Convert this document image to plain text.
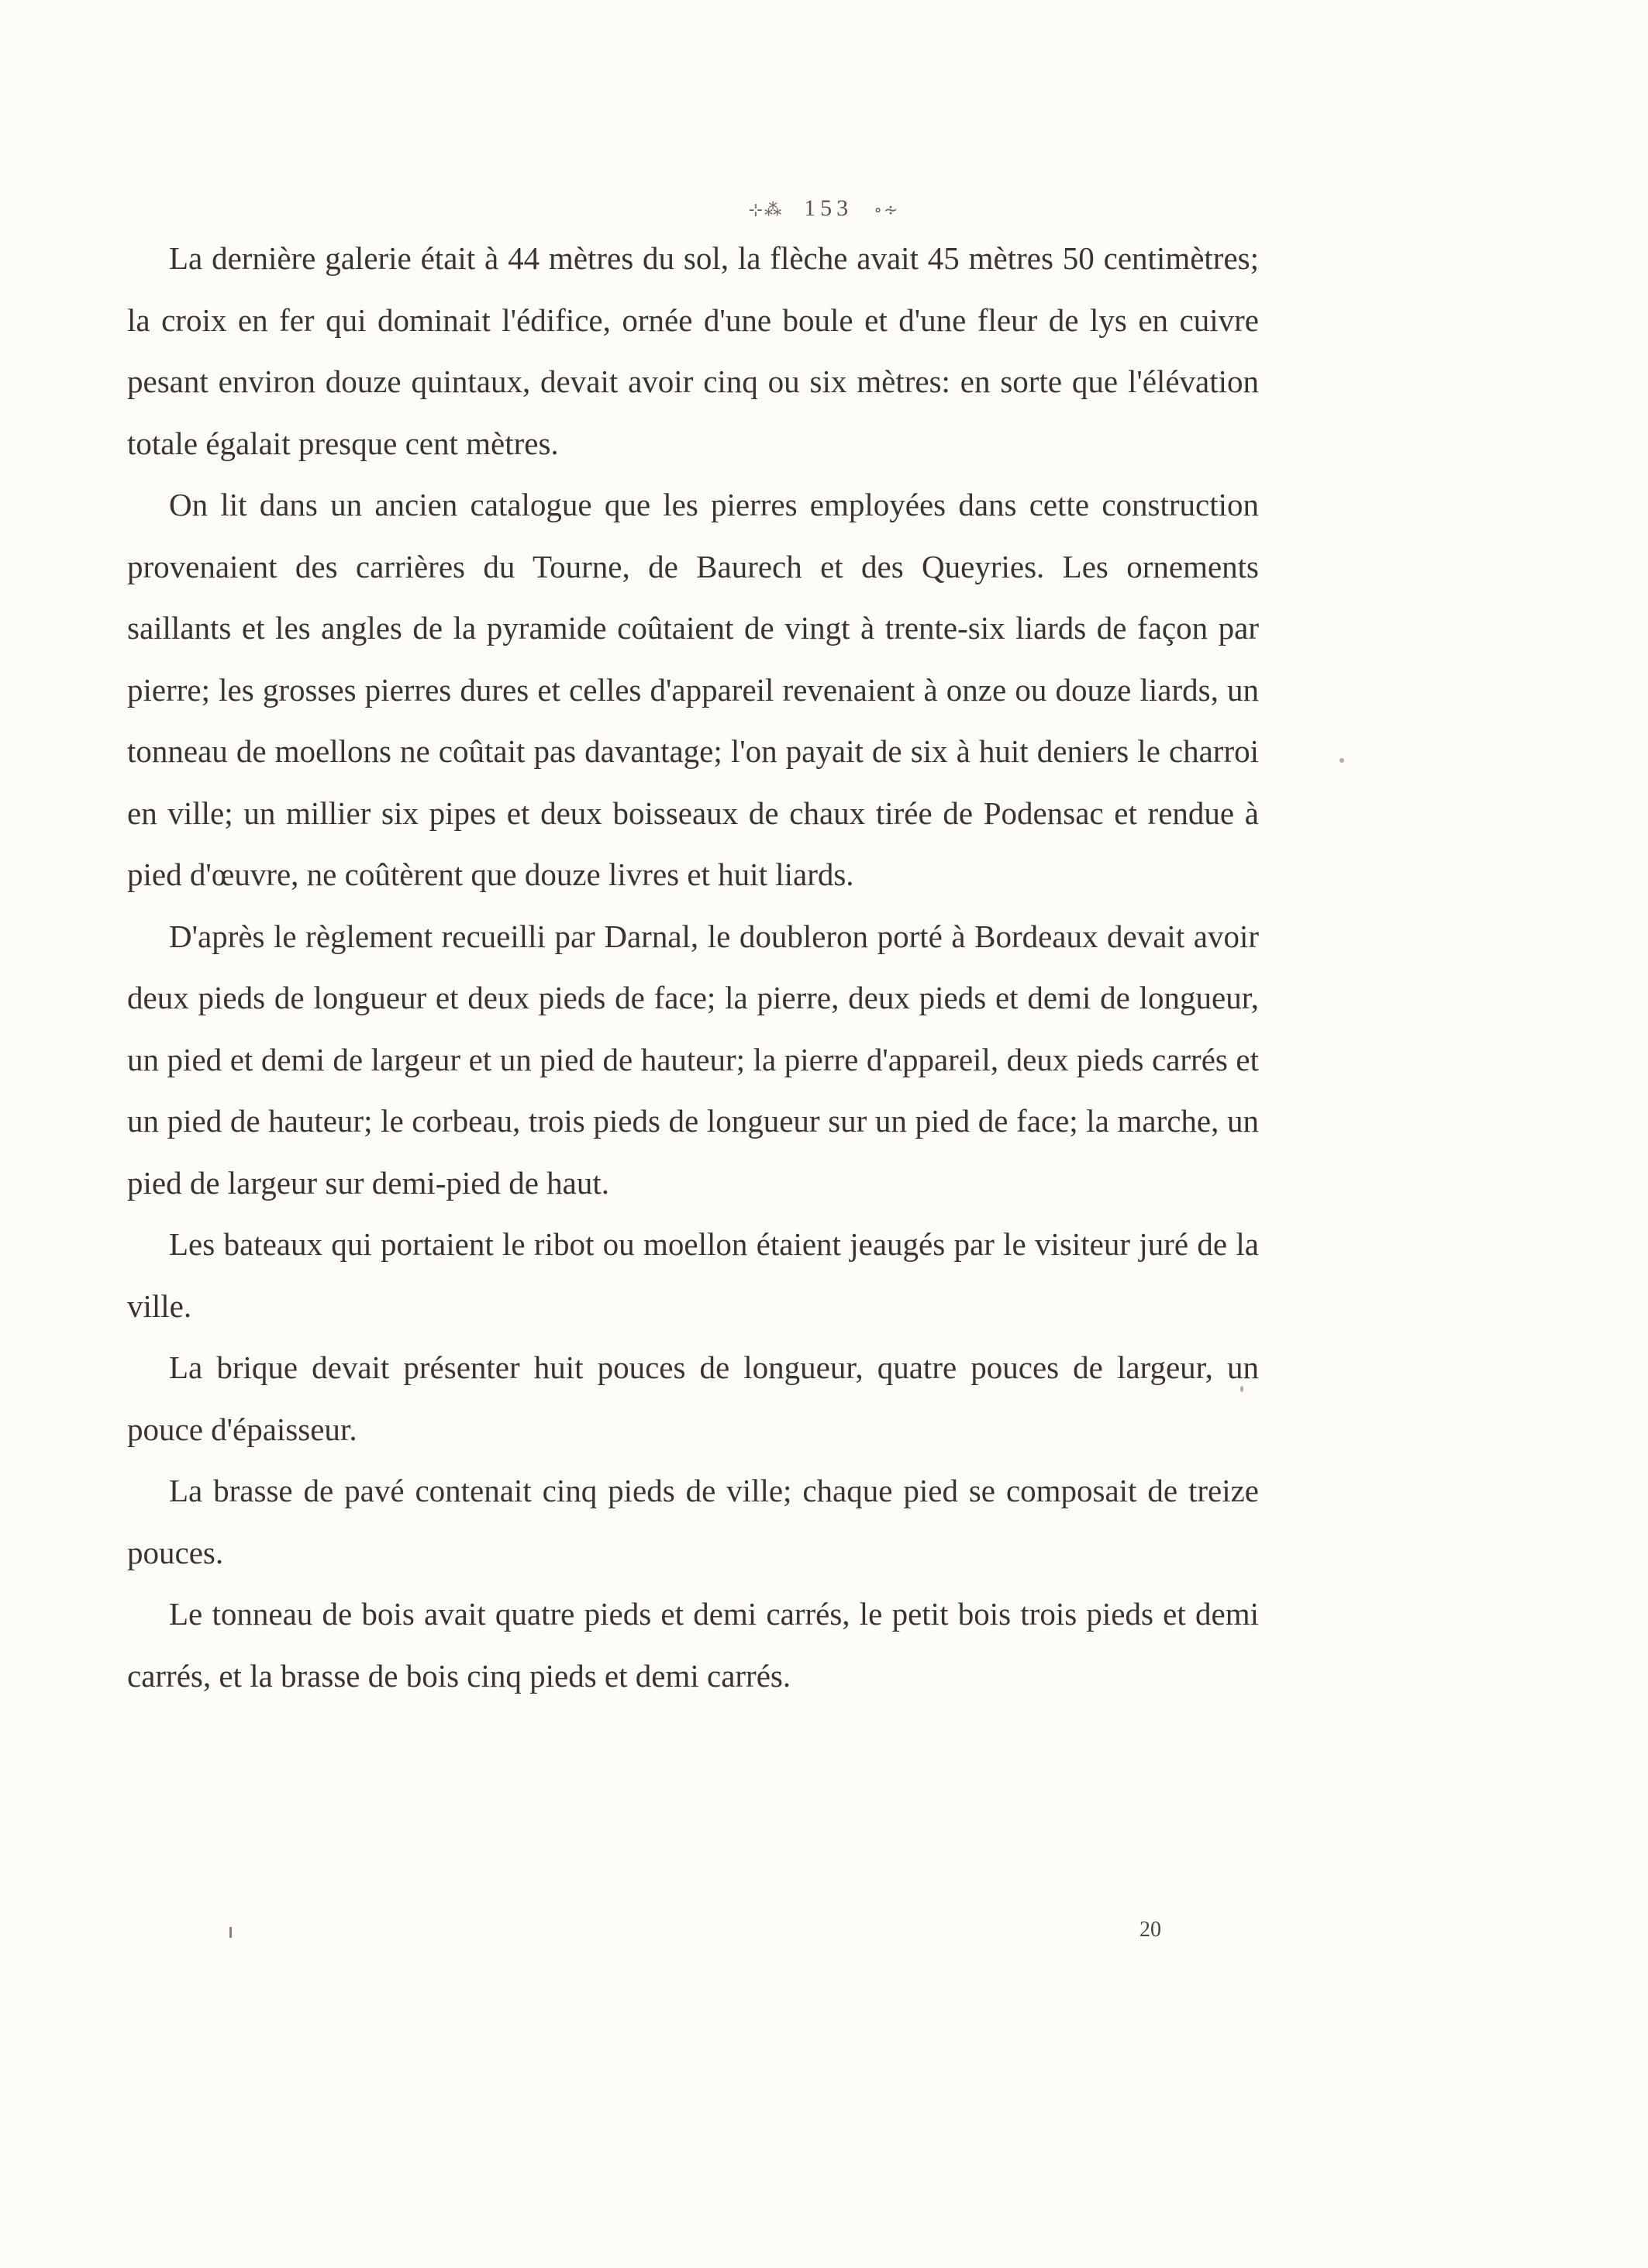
⊹⁂ 153 ∘∻

La dernière galerie était à 44 mètres du sol, la flèche avait 45 mètres 50 centimètres; la croix en fer qui dominait l'édifice, ornée d'une boule et d'une fleur de lys en cuivre pesant environ douze quintaux, devait avoir cinq ou six mètres: en sorte que l'élévation totale égalait presque cent mètres.

On lit dans un ancien catalogue que les pierres employées dans cette construction provenaient des carrières du Tourne, de Baurech et des Queyries. Les ornements saillants et les angles de la pyramide coûtaient de vingt à trente-six liards de façon par pierre; les grosses pierres dures et celles d'appareil revenaient à onze ou douze liards, un tonneau de moellons ne coûtait pas davantage; l'on payait de six à huit deniers le charroi en ville; un millier six pipes et deux boisseaux de chaux tirée de Podensac et rendue à pied d'œuvre, ne coûtèrent que douze livres et huit liards.

D'après le règlement recueilli par Darnal, le doubleron porté à Bordeaux devait avoir deux pieds de longueur et deux pieds de face; la pierre, deux pieds et demi de longueur, un pied et demi de largeur et un pied de hauteur; la pierre d'appareil, deux pieds carrés et un pied de hauteur; le corbeau, trois pieds de longueur sur un pied de face; la marche, un pied de largeur sur demi-pied de haut.

Les bateaux qui portaient le ribot ou moellon étaient jeaugés par le visiteur juré de la ville.

La brique devait présenter huit pouces de longueur, quatre pouces de largeur, un pouce d'épaisseur.

La brasse de pavé contenait cinq pieds de ville; chaque pied se composait de treize pouces.

Le tonneau de bois avait quatre pieds et demi carrés, le petit bois trois pieds et demi carrés, et la brasse de bois cinq pieds et demi carrés.

20
